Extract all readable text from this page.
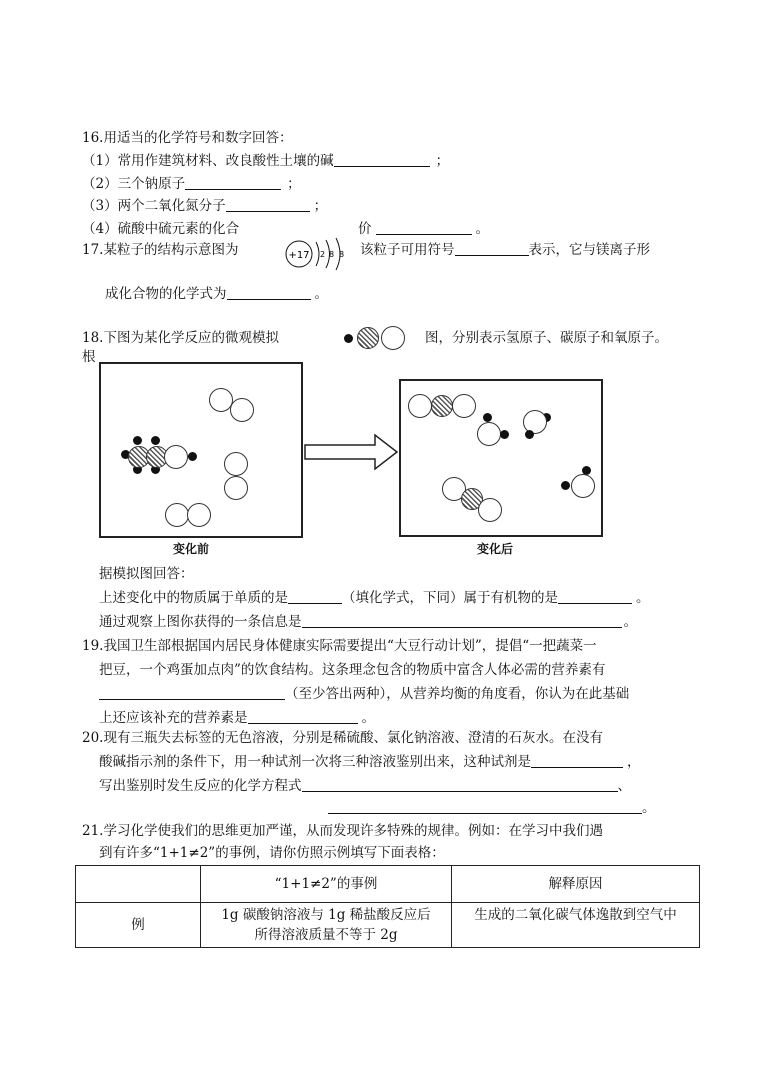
16.用适当的化学符号和数字回答：
（1）常用作建筑材料、改良酸性土壤的碱	；
（2）三个钠原子	；
（3）两个二氧化氮分子	；
（4）硫酸中硫元素的化合	价	。
17.某粒子的结构示意图为	+17 2 8 8 该粒子可用符号	表示，它与镁离子形
成化合物的化学式为	。
18.下图为某化学反应的微观模拟	图，分别表示氢原子、碳原子和氧原子。
根
变化前	变化后
据模拟图回答：
上述变化中的物质属于单质的是	（填化学式，下同）属于有机物的是	。
通过观察上图你获得的一条信息是	。
19.我国卫生部根据国内居民身体健康实际需要提出“大豆行动计划”，提倡“一把蔬菜一
把豆，一个鸡蛋加点肉”的饮食结构。这条理念包含的物质中富含人体必需的营养素有
（至少答出两种），从营养均衡的角度看，你认为在此基础
上还应该补充的营养素是	。
20.现有三瓶失去标签的无色溶液，分别是稀硫酸、氯化钠溶液、澄清的石灰水。在没有
酸碱指示剂的条件下，用一种试剂一次将三种溶液鉴别出来，这种试剂是	，
写出鉴别时发生反应的化学方程式	、
。
21.学习化学使我们的思维更加严谨，从而发现许多特殊的规律。例如：在学习中我们遇
到有许多“1+1≠2”的事例，请你仿照示例填写下面表格：
	“1+1≠2”的事例	解释原因
例	1g 碳酸钠溶液与 1g 稀盐酸反应后
所得溶液质量不等于 2g	生成的二氧化碳气体逸散到空气中
